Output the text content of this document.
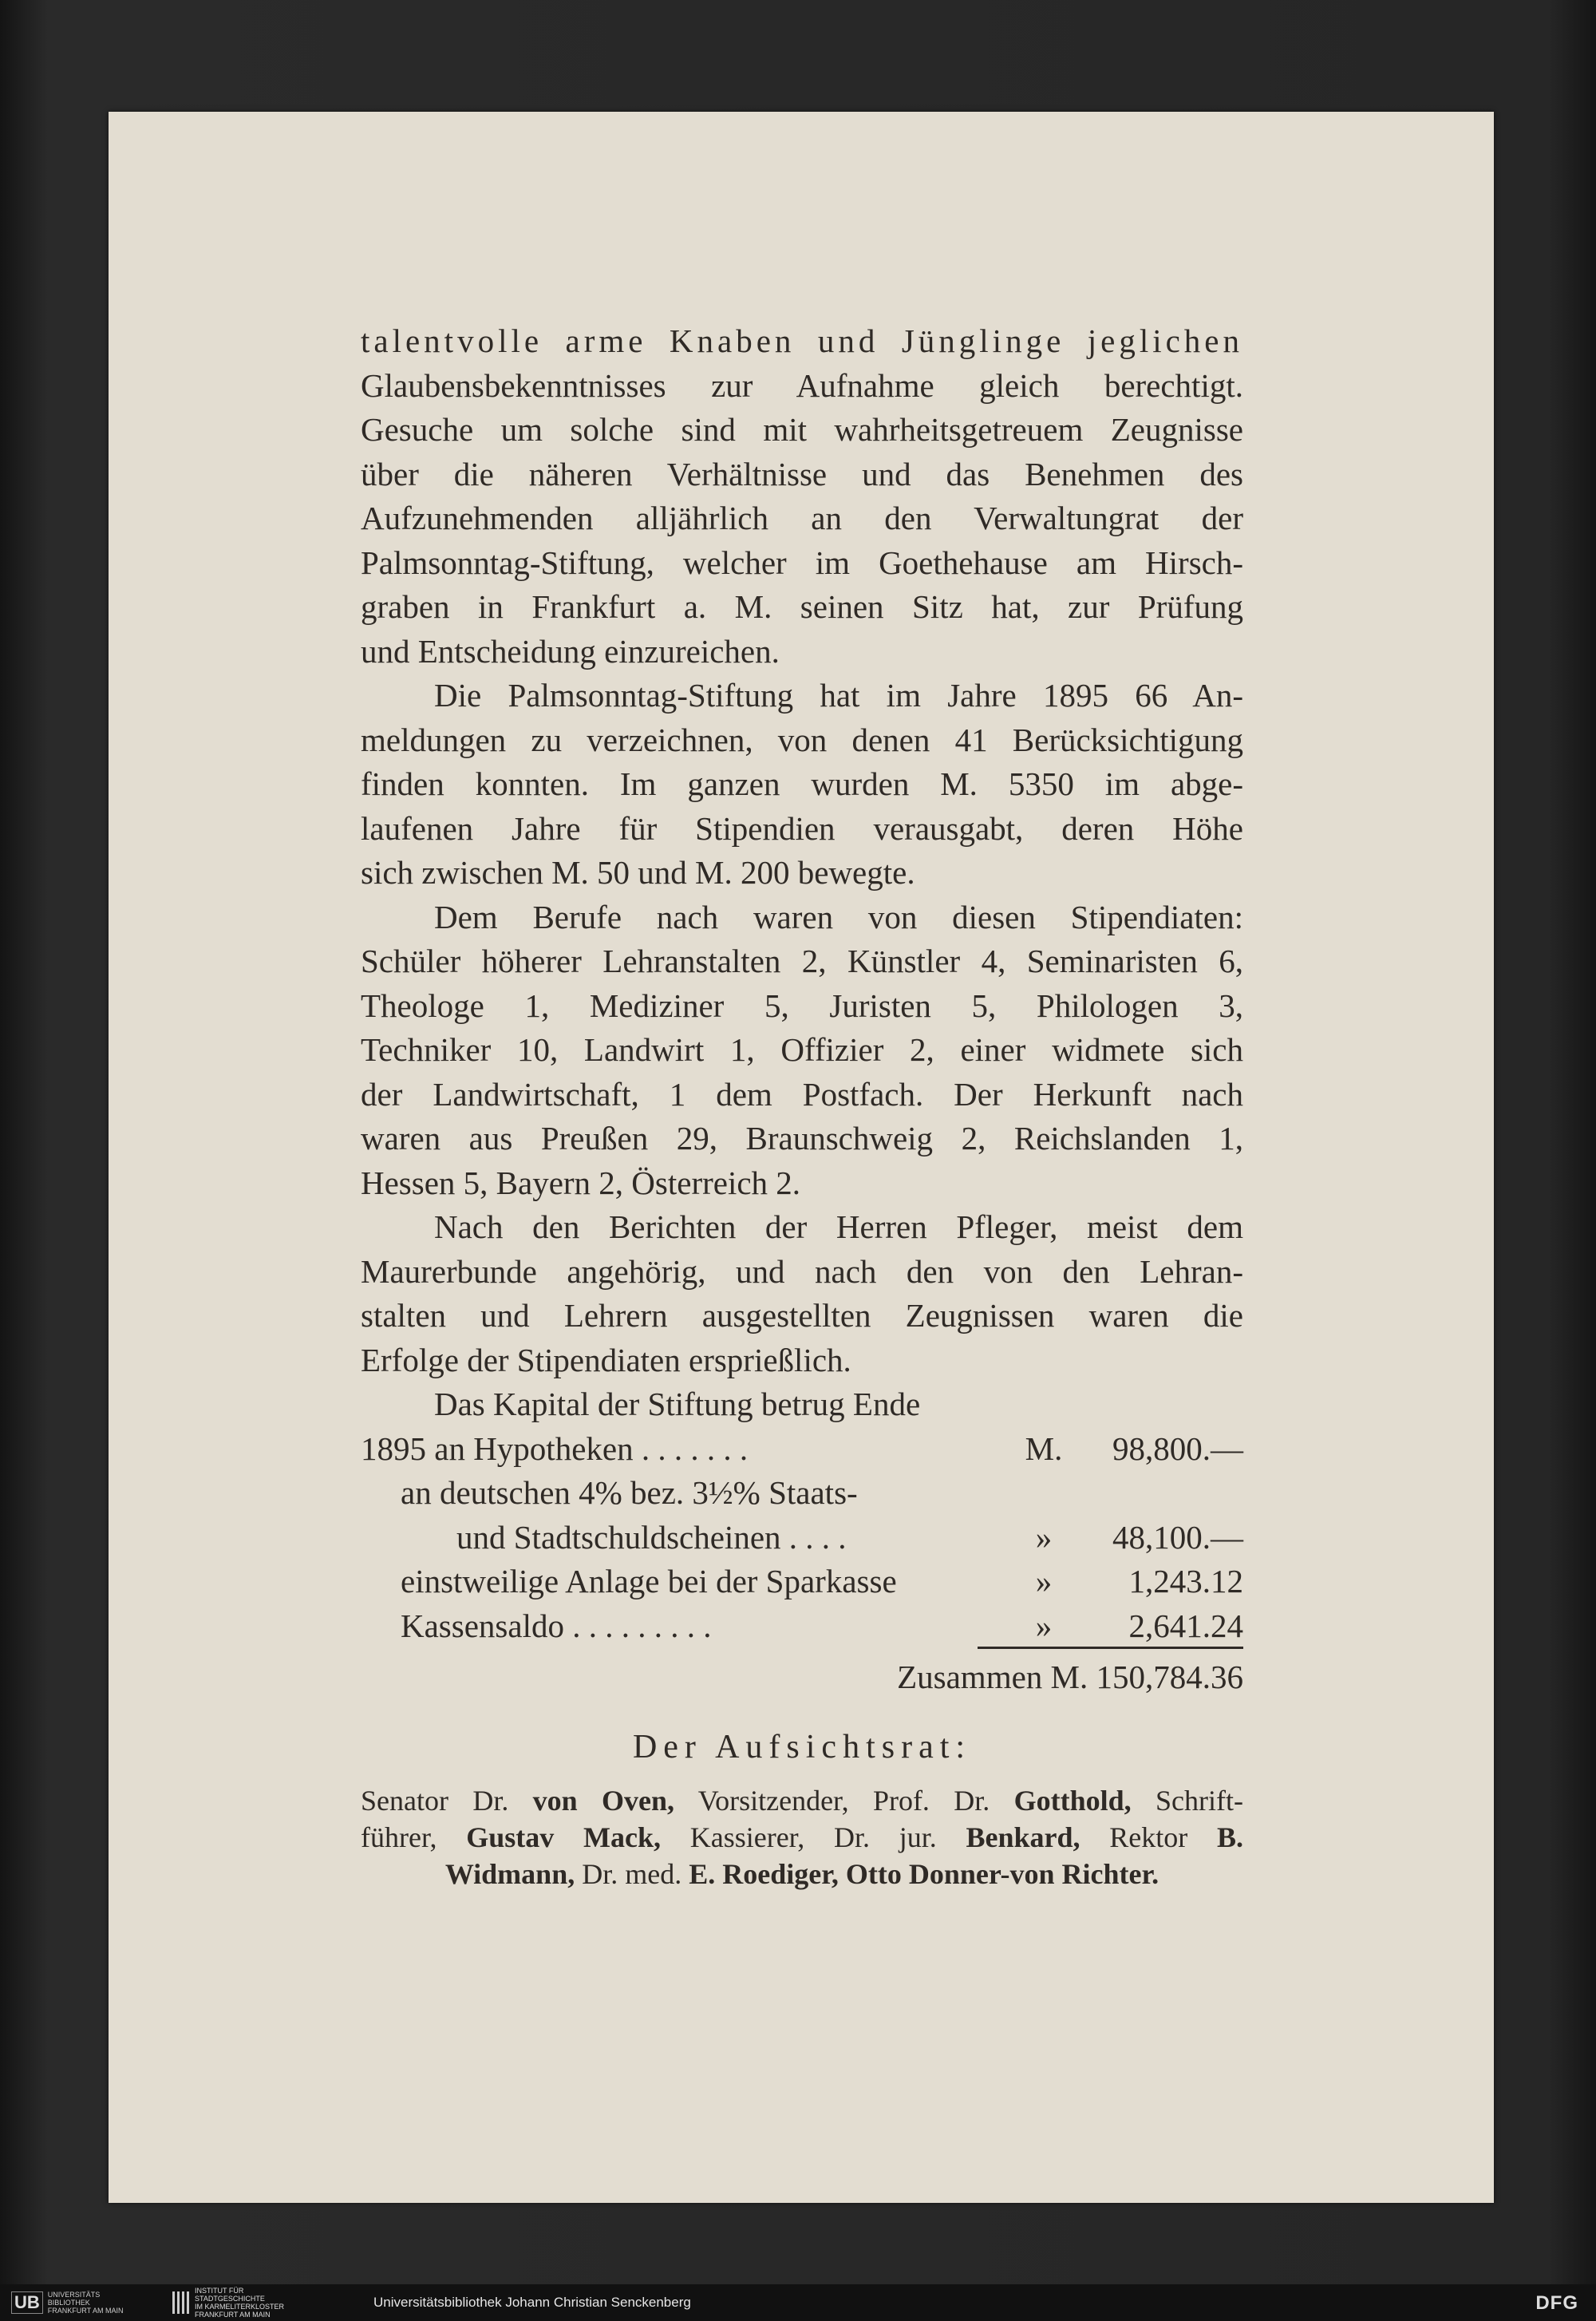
talentvolle arme Knaben und Jünglinge jeglichen
Glaubensbekenntnisses zur Aufnahme gleich berechtigt.
Gesuche um solche sind mit wahrheitsgetreuem Zeugnisse
über die näheren Verhältnisse und das Benehmen des
Aufzunehmenden alljährlich an den Verwaltungrat der
Palmsonntag-Stiftung, welcher im Goethehause am Hirsch-
graben in Frankfurt a. M. seinen Sitz hat, zur Prüfung
und Entscheidung einzureichen.
Die Palmsonntag-Stiftung hat im Jahre 1895 66 An-
meldungen zu verzeichnen, von denen 41 Berücksichtigung
finden konnten. Im ganzen wurden M. 5350 im abge-
laufenen Jahre für Stipendien verausgabt, deren Höhe
sich zwischen M. 50 und M. 200 bewegte.
Dem Berufe nach waren von diesen Stipendiaten:
Schüler höherer Lehranstalten 2, Künstler 4, Seminaristen 6,
Theologe 1, Mediziner 5, Juristen 5, Philologen 3,
Techniker 10, Landwirt 1, Offizier 2, einer widmete sich
der Landwirtschaft, 1 dem Postfach. Der Herkunft nach
waren aus Preußen 29, Braunschweig 2, Reichslanden 1,
Hessen 5, Bayern 2, Österreich 2.
Nach den Berichten der Herren Pfleger, meist dem
Maurerbunde angehörig, und nach den von den Lehran-
stalten und Lehrern ausgestellten Zeugnissen waren die
Erfolge der Stipendiaten ersprießlich.
Das Kapital der Stiftung betrug Ende
1895 an Hypotheken . . . . . . .	M. 98,800.—
an deutschen 4% bez. 3½% Staats-
und Stadtschuldscheinen . . . .	»	48,100.—
einstweilige Anlage bei der Sparkasse	»	1,243.12
Kassensaldo . . . . . . . . .	»	2,641.24
Zusammen M. 150,784.36
Der Aufsichtsrat:
Senator Dr. von Oven, Vorsitzender, Prof. Dr. Gotthold, Schrift-
führer, Gustav Mack, Kassierer, Dr. jur. Benkard, Rektor B.
Widmann, Dr. med. E. Roediger, Otto Donner-von Richter.
UB	UNIVERSITÄTS
BIBLIOTHEK
FRANKFURT AM MAIN
INSTITUT FÜR
STADTGESCHICHTE
IM KARMELITERKLOSTER
FRANKFURT AM MAIN
Universitätsbibliothek Johann Christian Senckenberg	DFG
